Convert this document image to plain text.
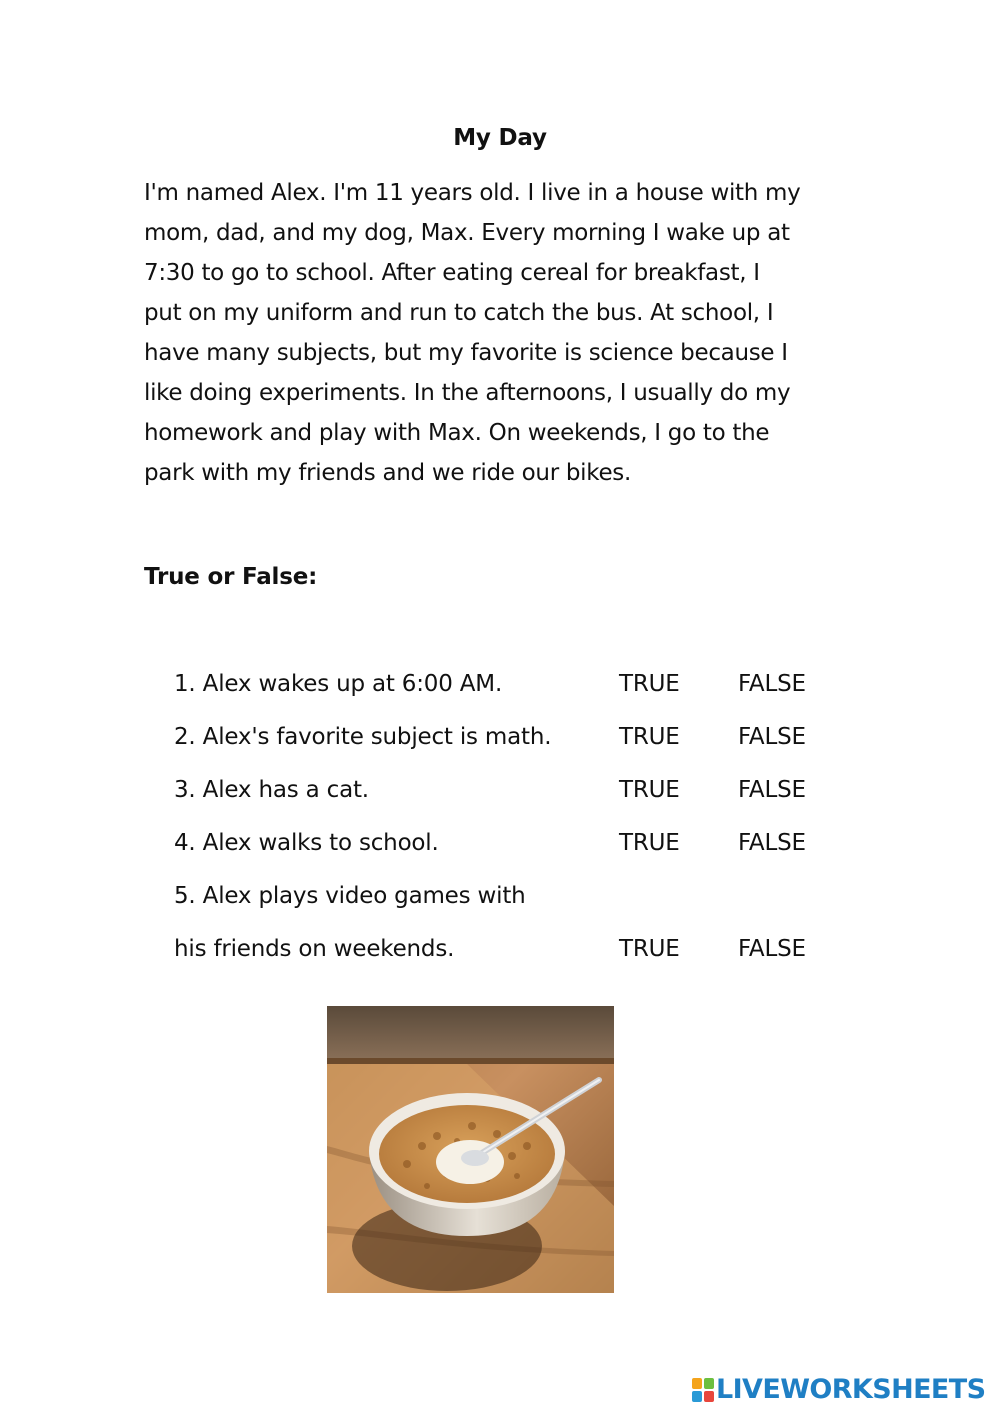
My Day

I'm named Alex. I'm 11 years old. I live in a house with my
mom, dad, and my dog, Max. Every morning I wake up at
7:30 to go to school. After eating cereal for breakfast, I
put on my uniform and run to catch the bus. At school, I
have many subjects, but my favorite is science because I
like doing experiments. In the afternoons, I usually do my
homework and play with Max. On weekends, I go to the
park with my friends and we ride our bikes.

True or False:
1. Alex wakes up at 6:00 AM.	TRUE	FALSE
2. Alex's favorite subject is math.	TRUE	FALSE
3. Alex has a cat.	TRUE	FALSE
4. Alex walks to school.	TRUE	FALSE
5. Alex plays video games with
his friends on weekends.	TRUE	FALSE
LIVEWORKSHEETS
